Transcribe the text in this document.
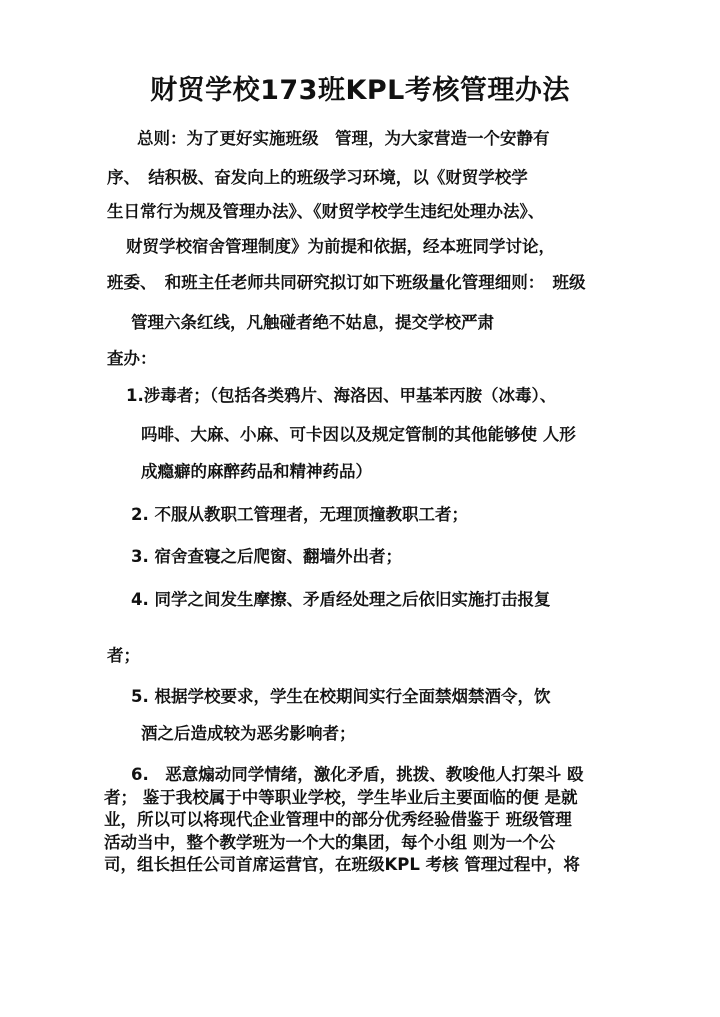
财贸学校173班KPL考核管理办法
总则：为了更好实施班级　管理，为大家营造一个安静有
序、　结积极、奋发向上的班级学习环境，以《财贸学校学
生日常行为规及管理办法》、《财贸学校学生违纪处理办法》、
财贸学校宿舍管理制度》为前提和依据，经本班同学讨论，
班委、　和班主任老师共同研究拟订如下班级量化管理细则：　班级
管理六条红线，凡触碰者绝不姑息，提交学校严肃
查办：
1.涉毒者；（包括各类鸦片、海洛因、甲基苯丙胺（冰毒）、
吗啡、大麻、小麻、可卡因以及规定管制的其他能够使 人形
成瘾癖的麻醉药品和精神药品）
2. 不服从教职工管理者，无理顶撞教职工者；
3. 宿舍查寝之后爬窗、翻墙外出者；
4. 同学之间发生摩擦、矛盾经处理之后依旧实施打击报复
者；
5. 根据学校要求，学生在校期间实行全面禁烟禁酒令，饮
酒之后造成较为恶劣影响者；
6.　恶意煽动同学情绪，激化矛盾，挑拨、教唆他人打架斗 殴
者； 鉴于我校属于中等职业学校，学生毕业后主要面临的便 是就
业，所以可以将现代企业管理中的部分优秀经验借鉴于 班级管理
活动当中，整个教学班为一个大的集团，每个小组 则为一个公
司，组长担任公司首席运营官，在班级KPL 考核 管理过程中，将
